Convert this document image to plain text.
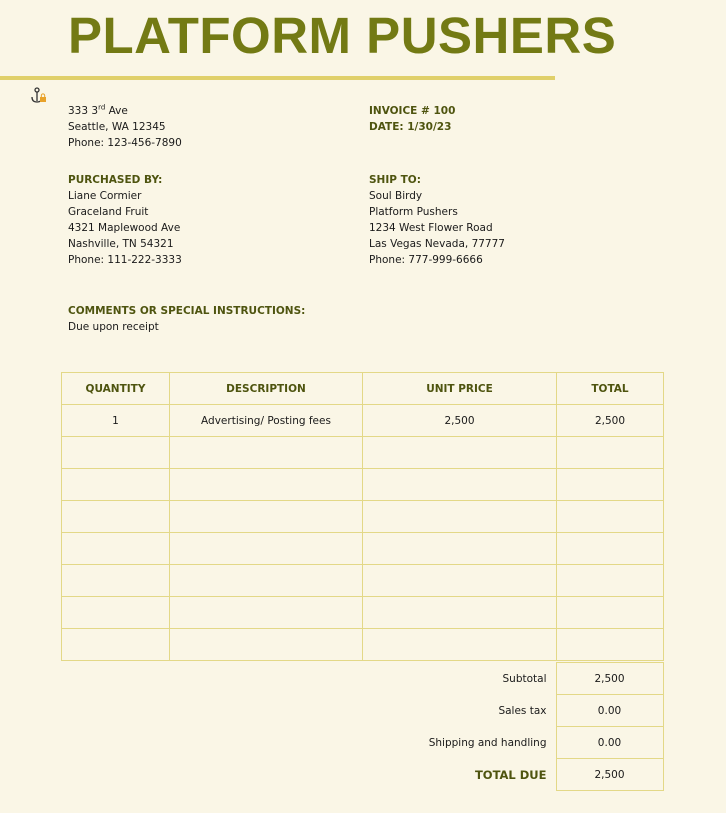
PLATFORM PUSHERS
333 3rd Ave
Seattle, WA 12345
Phone: 123-456-7890
INVOICE # 100
DATE: 1/30/23
PURCHASED BY:
Liane Cormier
Graceland Fruit
4321 Maplewood Ave
Nashville, TN 54321
Phone: 111-222-3333
SHIP TO:
Soul Birdy
Platform Pushers
1234 West Flower Road
Las Vegas Nevada, 77777
Phone: 777-999-6666
COMMENTS OR SPECIAL INSTRUCTIONS:
Due upon receipt
QUANTITY	DESCRIPTION	UNIT PRICE	TOTAL
1	Advertising/ Posting fees	2,500	2,500

Subtotal	2,500
Sales tax	0.00
Shipping and handling	0.00
TOTAL DUE	2,500
